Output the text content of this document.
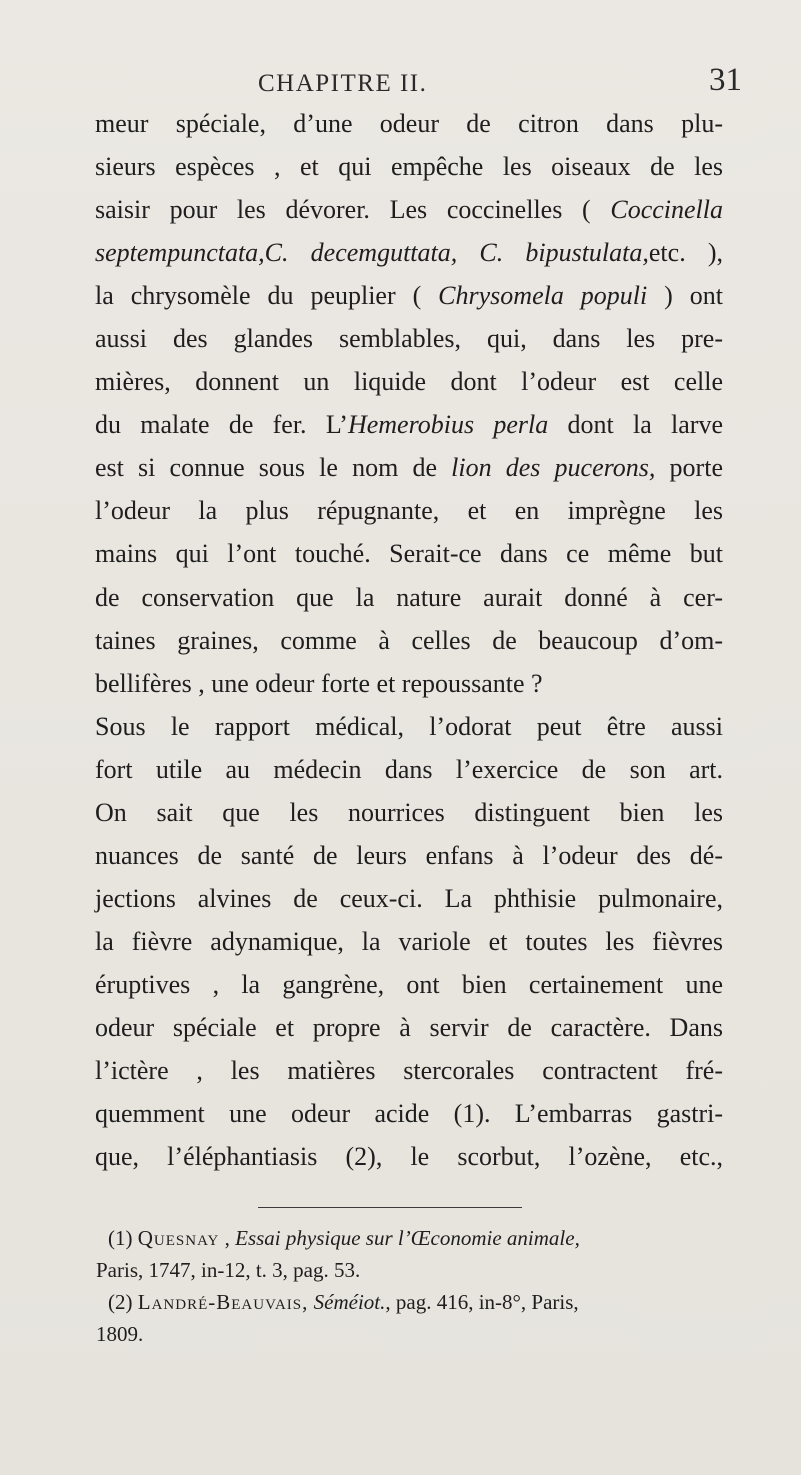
CHAPITRE II.	31
meur spéciale, d’une odeur de citron dans plu-
sieurs espèces , et qui empêche les oiseaux de les
saisir pour les dévorer. Les coccinelles ( Coccinella
septempunctata,C. decemguttata, C. bipustulata,etc. ),
la chrysomèle du peuplier ( Chrysomela populi ) ont
aussi des glandes semblables, qui, dans les pre-
mières, donnent un liquide dont l’odeur est celle
du malate de fer. L’Hemerobius perla dont la larve
est si connue sous le nom de lion des pucerons, porte
l’odeur la plus répugnante, et en imprègne les
mains qui l’ont touché. Serait-ce dans ce même but
de conservation que la nature aurait donné à cer-
taines graines, comme à celles de beaucoup d’om-
bellifères , une odeur forte et repoussante ?
Sous le rapport médical, l’odorat peut être aussi
fort utile au médecin dans l’exercice de son art.
On sait que les nourrices distinguent bien les
nuances de santé de leurs enfans à l’odeur des dé-
jections alvines de ceux-ci. La phthisie pulmonaire,
la fièvre adynamique, la variole et toutes les fièvres
éruptives , la gangrène, ont bien certainement une
odeur spéciale et propre à servir de caractère. Dans
l’ictère , les matières stercorales contractent fré-
quemment une odeur acide (1). L’embarras gastri-
que, l’éléphantiasis (2), le scorbut, l’ozène, etc.,
(1) Quesnay , Essai physique sur l’Œconomie animale,
Paris, 1747, in-12, t. 3, pag. 53.
(2) Landré-Beauvais, Séméiot., pag. 416, in-8°, Paris,
1809.
